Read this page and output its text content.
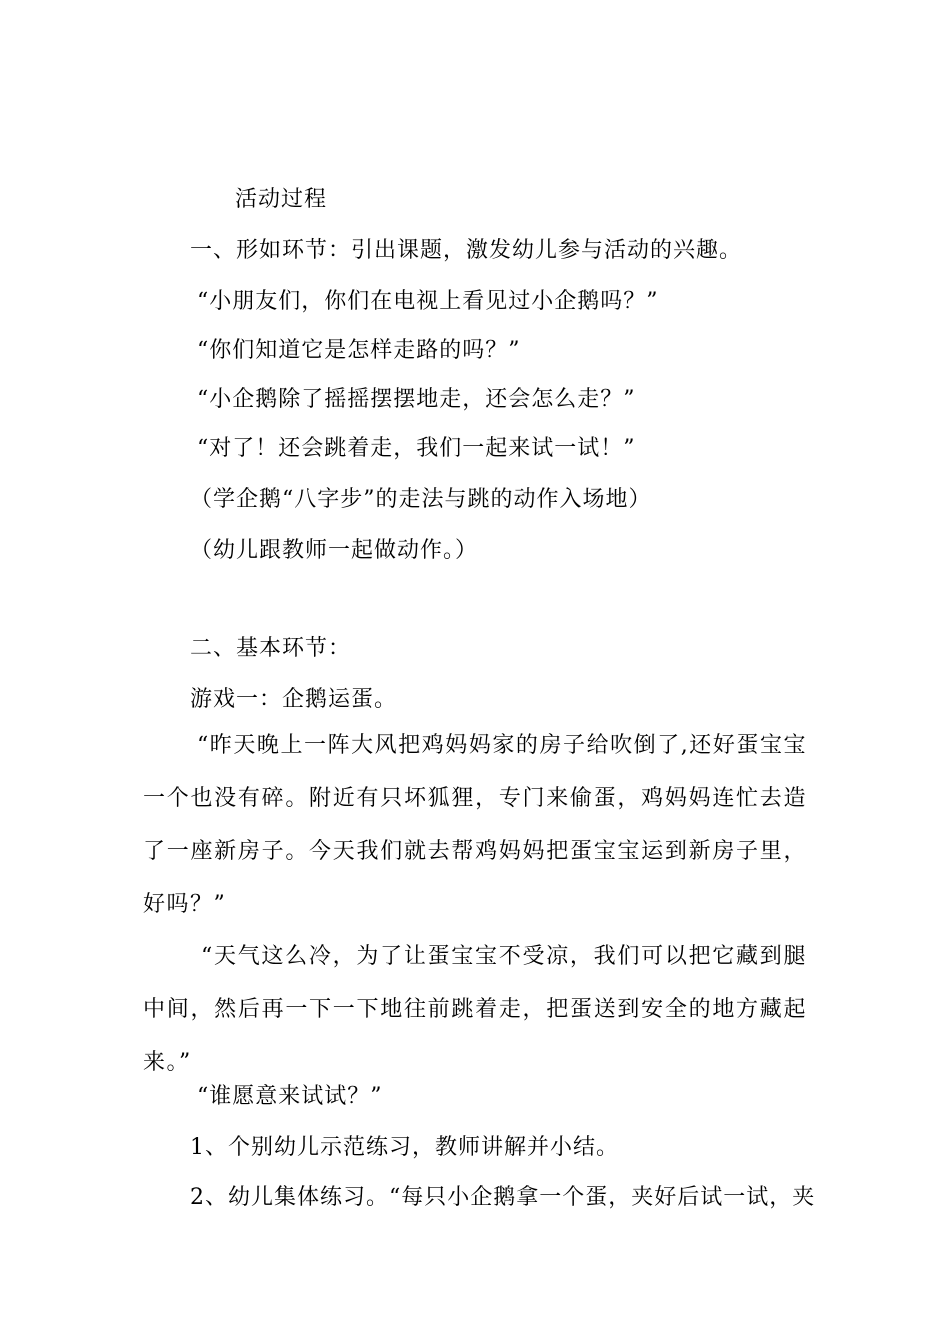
活动过程
一、形如环节：引出课题，激发幼儿参与活动的兴趣。
“小朋友们，你们在电视上看见过小企鹅吗？”
“你们知道它是怎样走路的吗？”
“小企鹅除了摇摇摆摆地走，还会怎么走？”
“对了！还会跳着走，我们一起来试一试！”
（学企鹅“八字步”的走法与跳的动作入场地）
（幼儿跟教师一起做动作。）
二、基本环节：
游戏一：企鹅运蛋。
“昨天晚上一阵大风把鸡妈妈家的房子给吹倒了,还好蛋宝宝一个也没有碎。附近有只坏狐狸，专门来偷蛋，鸡妈妈连忙去造了一座新房子。今天我们就去帮鸡妈妈把蛋宝宝运到新房子里，好吗？”
“天气这么冷，为了让蛋宝宝不受凉，我们可以把它藏到腿中间，然后再一下一下地往前跳着走，把蛋送到安全的地方藏起来。”
“谁愿意来试试？”
1、个别幼儿示范练习，教师讲解并小结。
2、幼儿集体练习。“每只小企鹅拿一个蛋，夹好后试一试，夹
